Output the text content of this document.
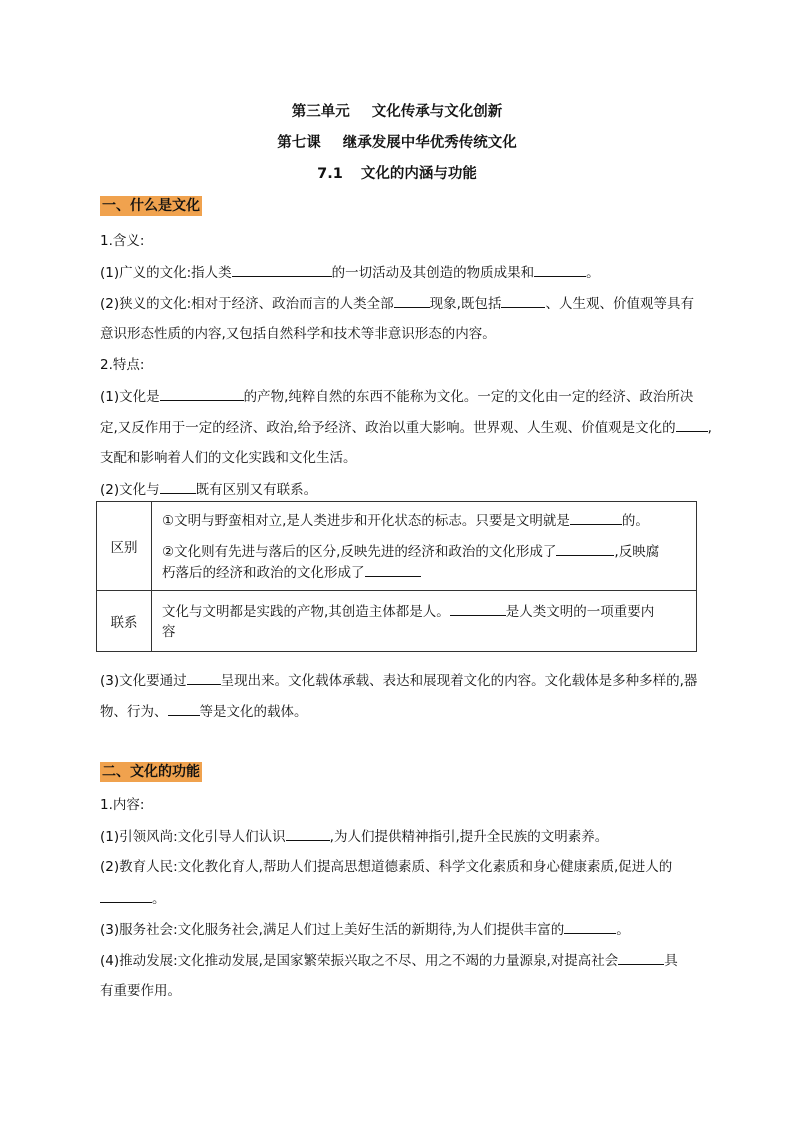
第三单元 文化传承与文化创新
第七课 继承发展中华优秀传统文化
7.1 文化的内涵与功能
一、什么是文化
1.含义:
(1)广义的文化:指人类	的一切活动及其创造的物质成果和	。
(2)狭义的文化:相对于经济、政治而言的人类全部	现象,既包括	、人生观、价值观等具有
意识形态性质的内容,又包括自然科学和技术等非意识形态的内容。
2.特点:
(1)文化是	的产物,纯粹自然的东西不能称为文化。一定的文化由一定的经济、政治所决
定,又反作用于一定的经济、政治,给予经济、政治以重大影响。世界观、人生观、价值观是文化的 ,
支配和影响着人们的文化实践和文化生活。
(2)文化与	既有区别又有联系。
区别	①文明与野蛮相对立,是人类进步和开化状态的标志。只要是文明就是 的。
②文化则有先进与落后的区分,反映先进的经济和政治的文化形成了 ,反映腐
朽落后的经济和政治的文化形成了

联系	文化与文明都是实践的产物,其创造主体都是人。 是人类文明的一项重要内
容
(3)文化要通过	呈现出来。文化载体承载、表达和展现着文化的内容。文化载体是多种多样的,器
物、行为、 等是文化的载体。
二、文化的功能
1.内容:
(1)引领风尚:文化引导人们认识	,为人们提供精神指引,提升全民族的文明素养。
(2)教育人民:文化教化育人,帮助人们提高思想道德素质、科学文化素质和身心健康素质,促进人的
。
(3)服务社会:文化服务社会,满足人们过上美好生活的新期待,为人们提供丰富的	。
(4)推动发展:文化推动发展,是国家繁荣振兴取之不尽、用之不竭的力量源泉,对提高社会	具
有重要作用。
